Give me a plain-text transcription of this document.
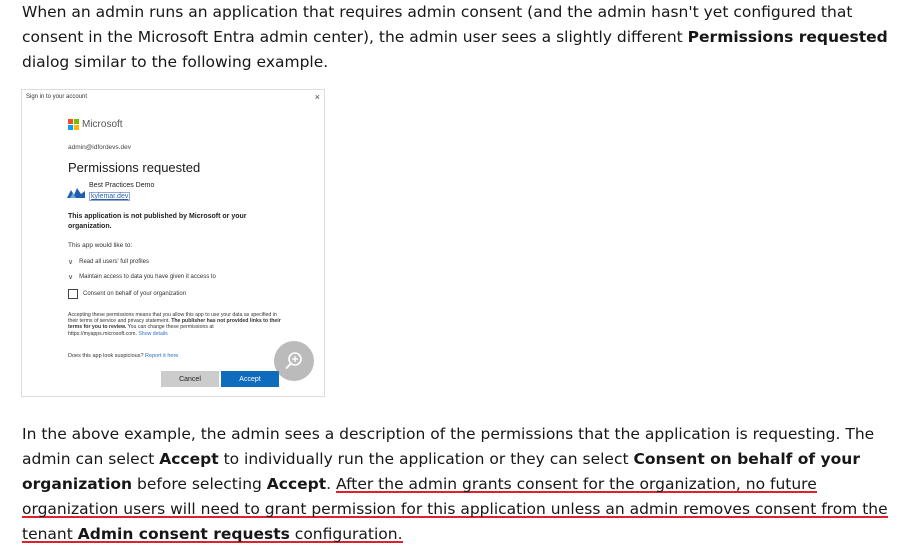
When an admin runs an application that requires admin consent (and the admin hasn't yet configured that consent in the Microsoft Entra admin center), the admin user sees a slightly different Permissions requested dialog similar to the following example.

Sign in to your account	×
Microsoft
admin@idfordevs.dev
Permissions requested
Best Practices Demo
kylemar.dev
This application is not published by Microsoft or your organization.
This app would like to:
∨ Read all users' full profiles
∨ Maintain access to data you have given it access to
Consent on behalf of your organization
Accepting these permissions means that you allow this app to use your data as specified in their terms of service and privacy statement. The publisher has not provided links to their terms for you to review. You can change these permissions at https://myapps.microsoft.com. Show details
Does this app look suspicious? Report it here
Cancel	Accept

In the above example, the admin sees a description of the permissions that the application is requesting. The admin can select Accept to individually run the application or they can select Consent on behalf of your organization before selecting Accept. After the admin grants consent for the organization, no future organization users will need to grant permission for this application unless an admin removes consent from the tenant Admin consent requests configuration.
